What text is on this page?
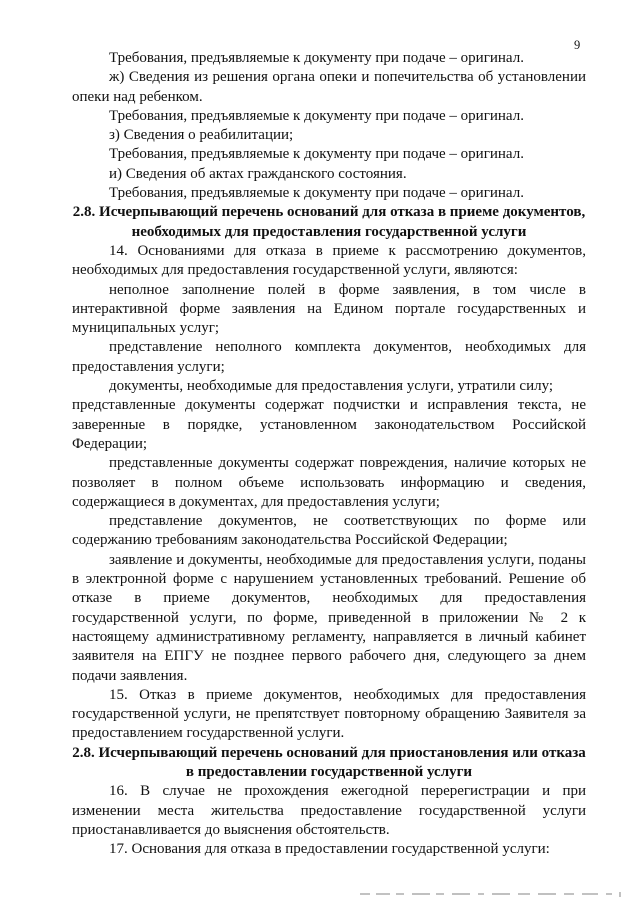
9

Требования, предъявляемые к документу при подаче – оригинал.

ж) Сведения из решения органа опеки и попечительства об установлении опеки над ребенком.

Требования, предъявляемые к документу при подаче – оригинал.

з) Сведения о реабилитации;

Требования, предъявляемые к документу при подаче – оригинал.

и) Сведения об актах гражданского состояния.

Требования, предъявляемые к документу при подаче – оригинал.

2.8. Исчерпывающий перечень оснований для отказа в приеме документов, необходимых для предоставления государственной услуги

14. Основаниями для отказа в приеме к рассмотрению документов, необходимых для предоставления государственной услуги, являются:

неполное заполнение полей в форме заявления, в том числе в интерактивной форме заявления на Едином портале государственных и муниципальных услуг;

представление неполного комплекта документов, необходимых для предоставления услуги;

документы, необходимые для предоставления услуги, утратили силу;

представленные документы содержат подчистки и исправления текста, не заверенные в порядке, установленном законодательством Российской Федерации;

представленные документы содержат повреждения, наличие которых не позволяет в полном объеме использовать информацию и сведения, содержащиеся в документах, для предоставления услуги;

представление документов, не соответствующих по форме или содержанию требованиям законодательства Российской Федерации;

заявление и документы, необходимые для предоставления услуги, поданы в электронной форме с нарушением установленных требований. Решение об отказе в приеме документов, необходимых для предоставления государственной услуги, по форме, приведенной в приложении № 2 к настоящему административному регламенту, направляется в личный кабинет заявителя на ЕПГУ не позднее первого рабочего дня, следующего за днем подачи заявления.

15. Отказ в приеме документов, необходимых для предоставления государственной услуги, не препятствует повторному обращению Заявителя за предоставлением государственной услуги.

2.8. Исчерпывающий перечень оснований для приостановления или отказа в предоставлении государственной услуги

16. В случае не прохождения ежегодной перерегистрации и при изменении места жительства предоставление государственной услуги приостанавливается до выяснения обстоятельств.

17. Основания для отказа в предоставлении государственной услуги:
